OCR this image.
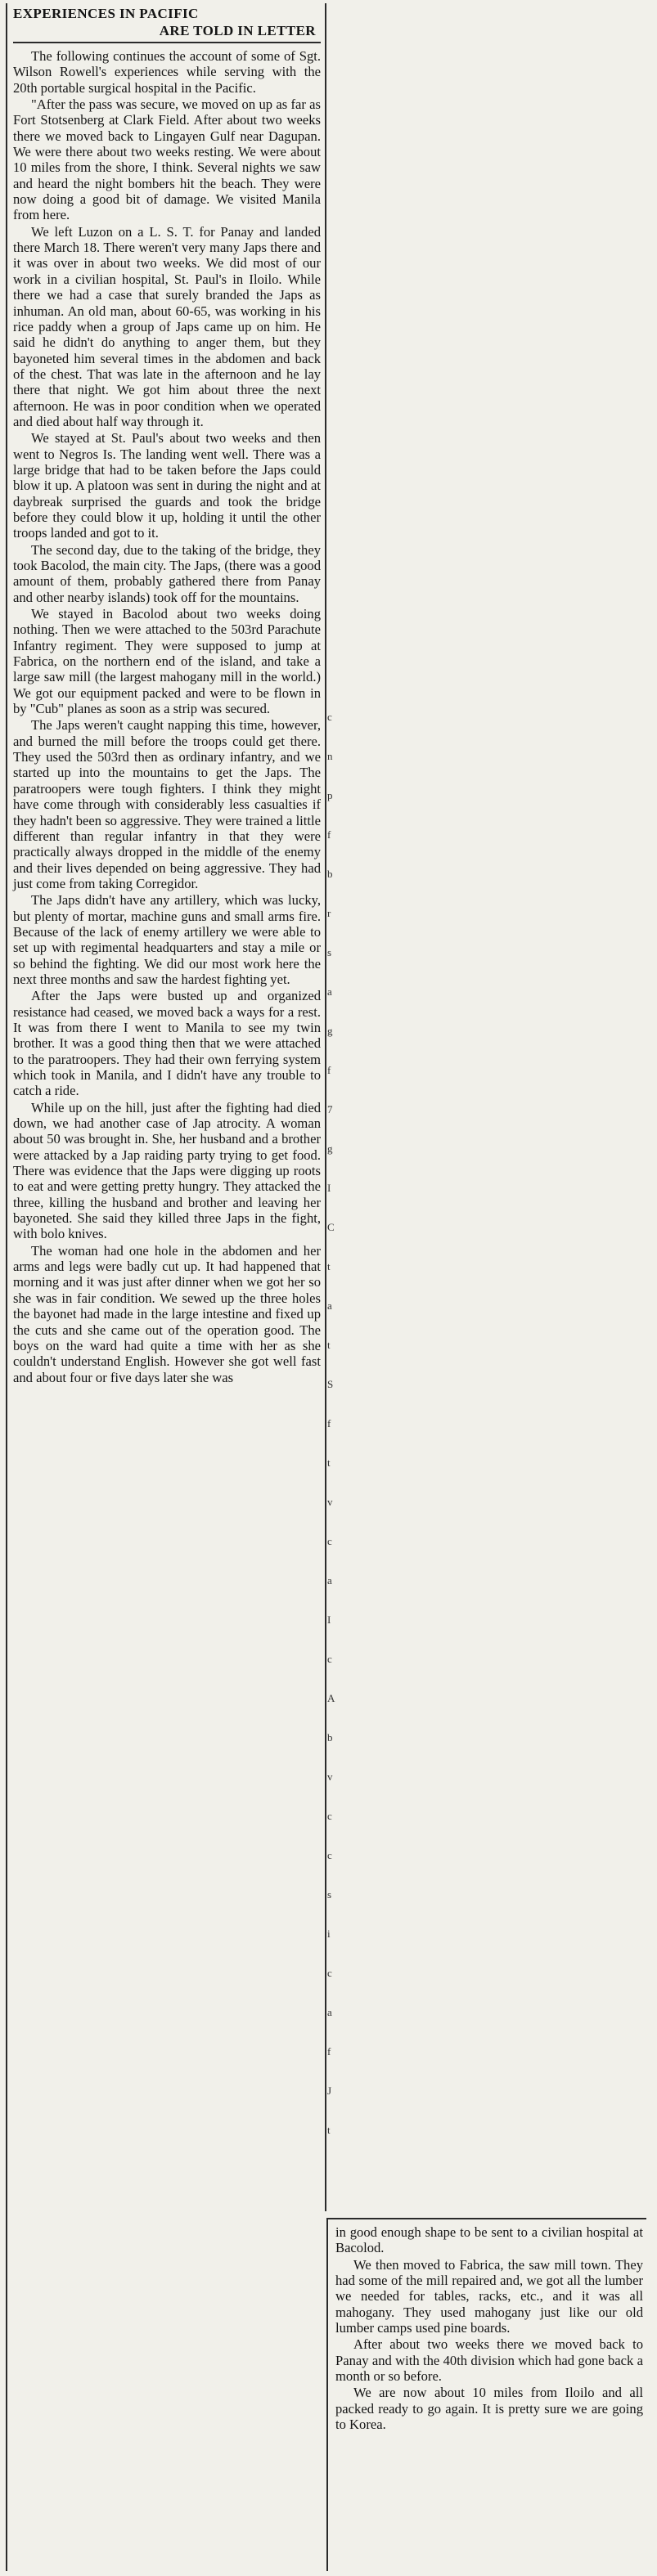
EXPERIENCES IN PACIFIC

ARE TOLD IN LETTER

The following continues the account of some of Sgt. Wilson Rowell's experiences while serving with the 20th portable surgical hospital in the Pacific.

"After the pass was secure, we moved on up as far as Fort Stotsenberg at Clark Field. After about two weeks there we moved back to Lingayen Gulf near Dagupan. We were there about two weeks resting. We were about 10 miles from the shore, I think. Several nights we saw and heard the night bombers hit the beach. They were now doing a good bit of damage. We visited Manila from here.

We left Luzon on a L. S. T. for Panay and landed there March 18. There weren't very many Japs there and it was over in about two weeks. We did most of our work in a civilian hospital, St. Paul's in Iloilo. While there we had a case that surely branded the Japs as inhuman. An old man, about 60-65, was working in his rice paddy when a group of Japs came up on him. He said he didn't do anything to anger them, but they bayoneted him several times in the abdomen and back of the chest. That was late in the afternoon and he lay there that night. We got him about three the next afternoon. He was in poor condition when we operated and died about half way through it.

We stayed at St. Paul's about two weeks and then went to Negros Is. The landing went well. There was a large bridge that had to be taken before the Japs could blow it up. A platoon was sent in during the night and at daybreak surprised the guards and took the bridge before they could blow it up, holding it until the other troops landed and got to it.

The second day, due to the taking of the bridge, they took Bacolod, the main city. The Japs, (there was a good amount of them, probably gathered there from Panay and other nearby islands) took off for the mountains.

We stayed in Bacolod about two weeks doing nothing. Then we were attached to the 503rd Parachute Infantry regiment. They were supposed to jump at Fabrica, on the northern end of the island, and take a large saw mill (the largest mahogany mill in the world.) We got our equipment packed and were to be flown in by "Cub" planes as soon as a strip was secured.

The Japs weren't caught napping this time, however, and burned the mill before the troops could get there. They used the 503rd then as ordinary infantry, and we started up into the mountains to get the Japs. The paratroopers were tough fighters. I think they might have come through with considerably less casualties if they hadn't been so aggressive. They were trained a little different than regular infantry in that they were practically always dropped in the middle of the enemy and their lives depended on being aggressive. They had just come from taking Corregidor.

The Japs didn't have any artillery, which was lucky, but plenty of mortar, machine guns and small arms fire. Because of the lack of enemy artillery we were able to set up with regimental headquarters and stay a mile or so behind the fighting. We did our most work here the next three months and saw the hardest fighting yet.

After the Japs were busted up and organized resistance had ceased, we moved back a ways for a rest. It was from there I went to Manila to see my twin brother. It was a good thing then that we were attached to the paratroopers. They had their own ferrying system which took in Manila, and I didn't have any trouble to catch a ride.

While up on the hill, just after the fighting had died down, we had another case of Jap atrocity. A woman about 50 was brought in. She, her husband and a brother were attacked by a Jap raiding party trying to get food. There was evidence that the Japs were digging up roots to eat and were getting pretty hungry. They attacked the three, killing the husband and brother and leaving her bayoneted. She said they killed three Japs in the fight, with bolo knives.

The woman had one hole in the abdomen and her arms and legs were badly cut up. It had happened that morning and it was just after dinner when we got her so she was in fair condition. We sewed up the three holes the bayonet had made in the large intestine and fixed up the cuts and she came out of the operation good. The boys on the ward had quite a time with her as she couldn't understand English. However she got well fast and about four or five days later she was

c
n
p
f
b
r
s
a
g
f
7
g
I
C
t
a
t
S
f
t
v
c
a
I
c
A
b
v
c
c
s
i
c
a
f
J
t

in good enough shape to be sent to a civilian hospital at Bacolod.

We then moved to Fabrica, the saw mill town. They had some of the mill repaired and, we got all the lumber we needed for tables, racks, etc., and it was all mahogany. They used mahogany just like our old lumber camps used pine boards.

After about two weeks there we moved back to Panay and with the 40th division which had gone back a month or so before.

We are now about 10 miles from Iloilo and all packed ready to go again. It is pretty sure we are going to Korea.
